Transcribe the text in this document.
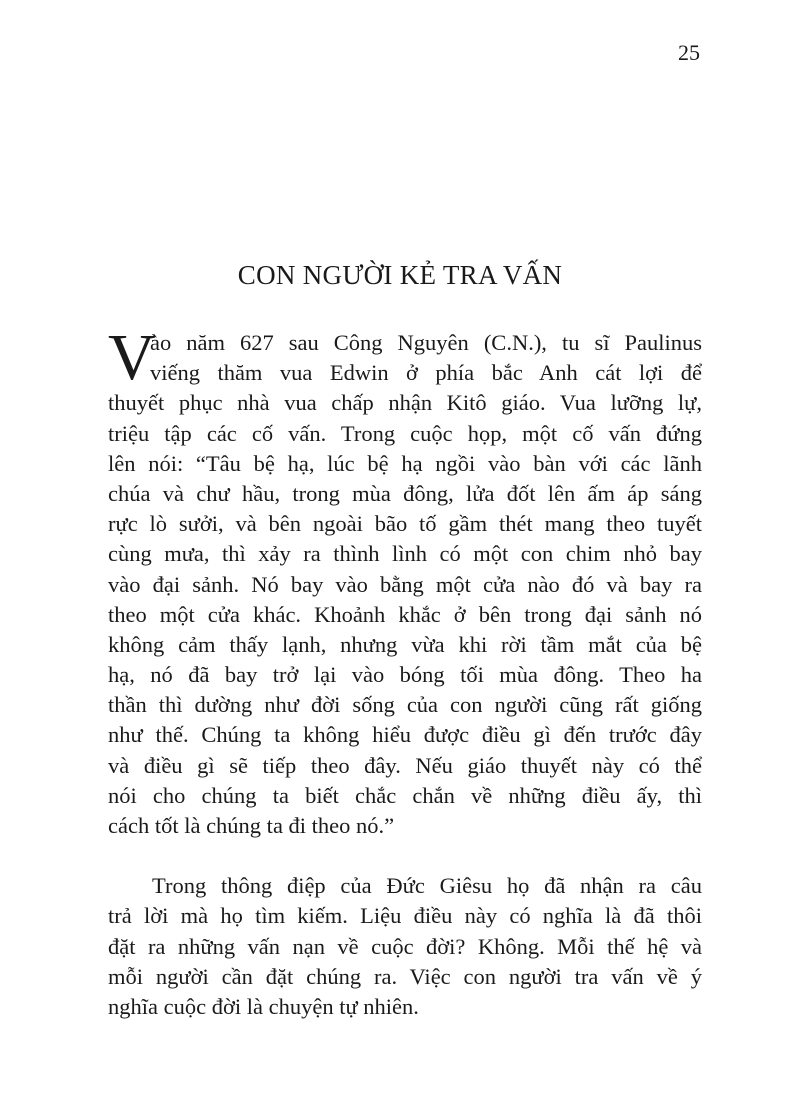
25
CON NGƯỜI KẺ TRA VẤN
V
ào năm 627 sau Công Nguyên (C.N.), tu sĩ Paulinus
viếng thăm vua Edwin ở phía bắc Anh cát lợi để
thuyết phục nhà vua chấp nhận Kitô giáo. Vua lưỡng lự,
triệu tập các cố vấn. Trong cuộc họp, một cố vấn đứng
lên nói: “Tâu bệ hạ, lúc bệ hạ ngồi vào bàn với các lãnh
chúa và chư hầu, trong mùa đông, lửa đốt lên ấm áp sáng
rực lò sưởi, và bên ngoài bão tố gầm thét mang theo tuyết
cùng mưa, thì xảy ra thình lình có một con chim nhỏ bay
vào đại sảnh. Nó bay vào bằng một cửa nào đó và bay ra
theo một cửa khác. Khoảnh khắc ở bên trong đại sảnh nó
không cảm thấy lạnh, nhưng vừa khi rời tầm mắt của bệ
hạ, nó đã bay trở lại vào bóng tối mùa đông. Theo ha
thần thì dường như đời sống của con người cũng rất giống
như thế. Chúng ta không hiểu được điều gì đến trước đây
và điều gì sẽ tiếp theo đây. Nếu giáo thuyết này có thể
nói cho chúng ta biết chắc chắn về những điều ấy, thì
cách tốt là chúng ta đi theo nó.”
Trong thông điệp của Đức Giêsu họ đã nhận ra câu
trả lời mà họ tìm kiếm. Liệu điều này có nghĩa là đã thôi
đặt ra những vấn nạn về cuộc đời? Không. Mỗi thế hệ và
mỗi người cần đặt chúng ra. Việc con người tra vấn về ý
nghĩa cuộc đời là chuyện tự nhiên.
